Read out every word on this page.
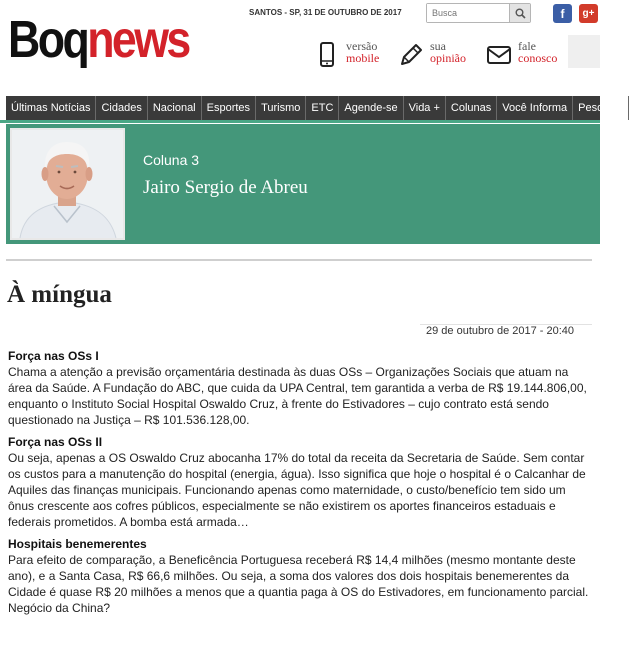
Boqnews	SANTOS - SP, 31 DE OUTUBRO DE 2017
Busca	f	g+
versão
mobile
sua
opinião
fale
conosco
Últimas Notícias	Cidades	Nacional	Esportes	Turismo	ETC	Agende-se	Vida +	Colunas	Você Informa	Pesquisa
Coluna 3
Jairo Sergio de Abreu
À míngua
29 de outubro de 2017 - 20:40
Força nas OSs I

Chama a atenção a previsão orçamentária destinada às duas OSs – Organizações Sociais que atuam na área da Saúde. A Fundação do ABC, que cuida da UPA Central, tem garantida a verba de R$ 19.144.806,00, enquanto o Instituto Social Hospital Oswaldo Cruz, à frente do Estivadores – cujo contrato está sendo questionado na Justiça – R$ 101.536.128,00.

Força nas OSs II

Ou seja, apenas a OS Oswaldo Cruz abocanha 17% do total da receita da Secretaria de Saúde. Sem contar os custos para a manutenção do hospital (energia, água). Isso significa que hoje o hospital é o Calcanhar de Aquiles das finanças municipais. Funcionando apenas como maternidade, o custo/benefício tem sido um ônus crescente aos cofres públicos, especialmente se não existirem os aportes financeiros estaduais e federais prometidos. A bomba está armada…

Hospitais benemerentes

Para efeito de comparação, a Beneficência Portuguesa receberá R$ 14,4 milhões (mesmo montante deste ano), e a Santa Casa, R$ 66,6 milhões. Ou seja, a soma dos valores dos dois hospitais benemerentes da Cidade é quase R$ 20 milhões a menos que a quantia paga à OS do Estivadores, em funcionamento parcial. Negócio da China?
